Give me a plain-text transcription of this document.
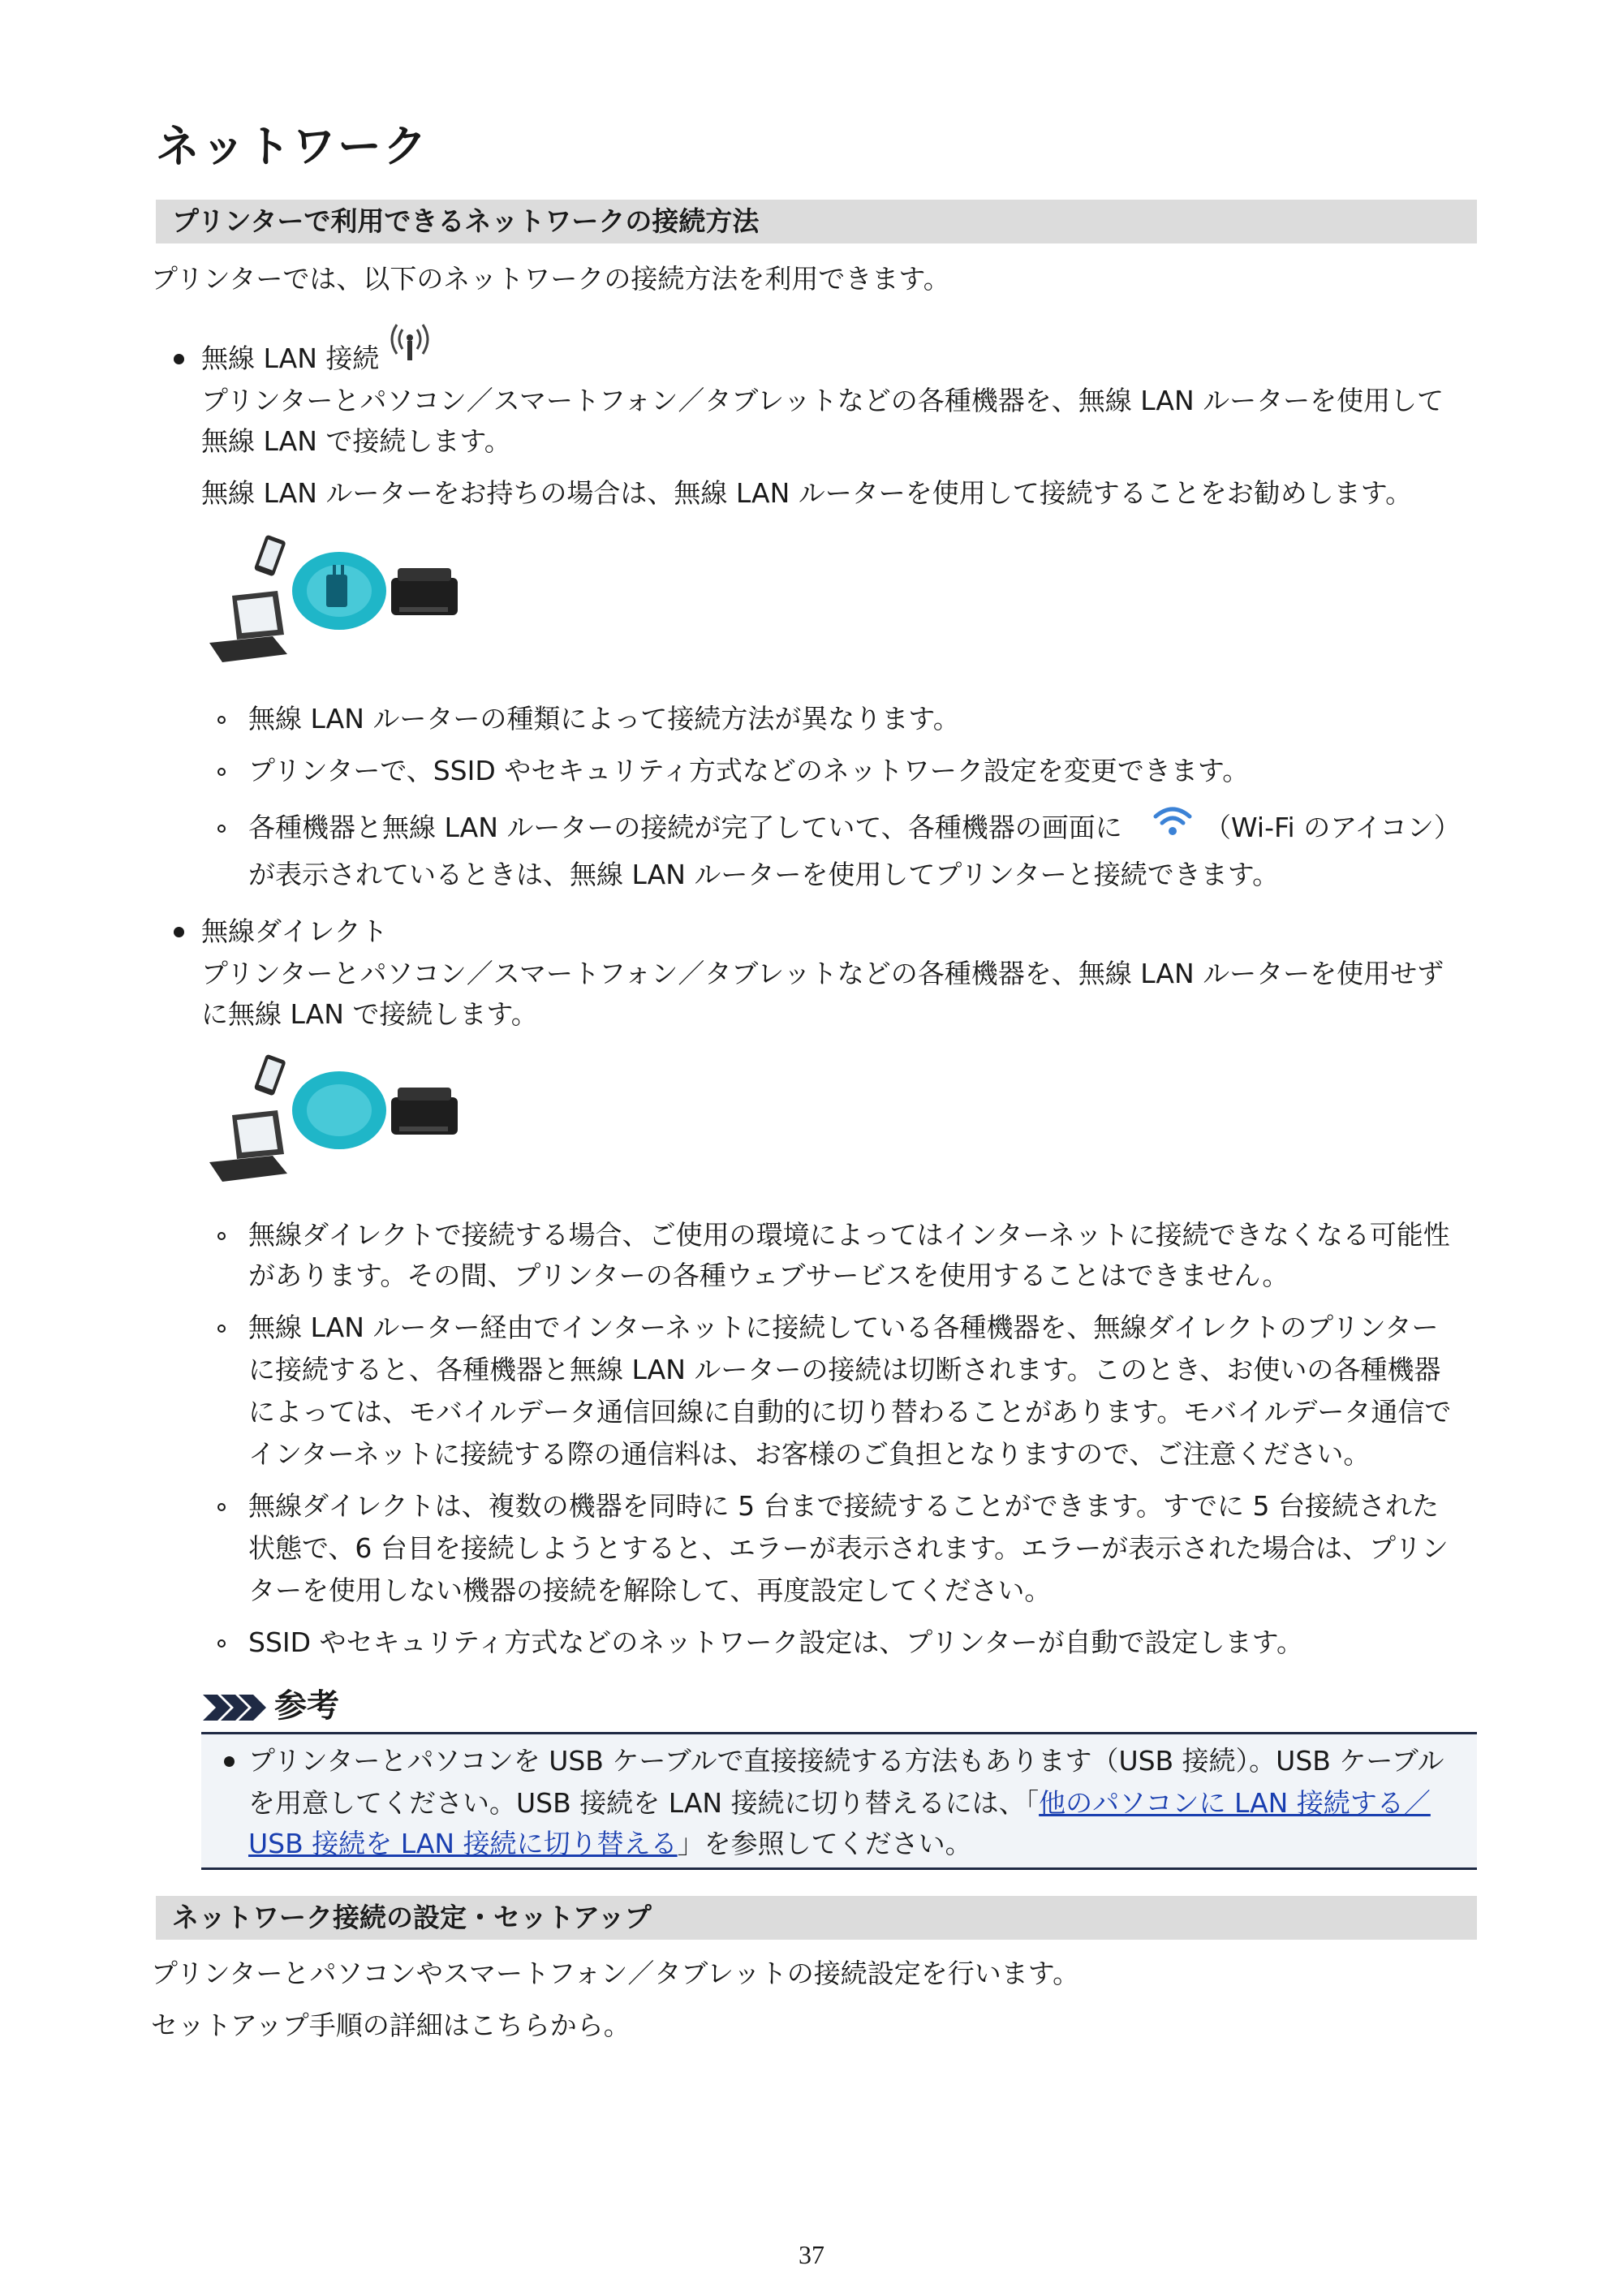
ネットワーク
プリンターで利用できるネットワークの接続方法

プリンターでは、以下のネットワークの接続方法を利用できます。

無線 LAN 接続

プリンターとパソコン／スマートフォン／タブレットなどの各種機器を、無線 LAN ルーターを使用して

無線 LAN で接続します。

無線 LAN ルーターをお持ちの場合は、無線 LAN ルーターを使用して接続することをお勧めします。

無線 LAN ルーターの種類によって接続方法が異なります。

プリンターで、SSID やセキュリティ方式などのネットワーク設定を変更できます。

各種機器と無線 LAN ルーターの接続が完了していて、各種機器の画面に	（Wi-Fi のアイコン）

が表示されているときは、無線 LAN ルーターを使用してプリンターと接続できます。

無線ダイレクト

プリンターとパソコン／スマートフォン／タブレットなどの各種機器を、無線 LAN ルーターを使用せず

に無線 LAN で接続します。

無線ダイレクトで接続する場合、ご使用の環境によってはインターネットに接続できなくなる可能性

があります。その間、プリンターの各種ウェブサービスを使用することはできません。

無線 LAN ルーター経由でインターネットに接続している各種機器を、無線ダイレクトのプリンター

に接続すると、各種機器と無線 LAN ルーターの接続は切断されます。このとき、お使いの各種機器

によっては、モバイルデータ通信回線に自動的に切り替わることがあります。モバイルデータ通信で

インターネットに接続する際の通信料は、お客様のご負担となりますので、ご注意ください。

無線ダイレクトは、複数の機器を同時に 5 台まで接続することができます。すでに 5 台接続された

状態で、6 台目を接続しようとすると、エラーが表示されます。エラーが表示された場合は、プリン

ターを使用しない機器の接続を解除して、再度設定してください。

SSID やセキュリティ方式などのネットワーク設定は、プリンターが自動で設定します。

参考

プリンターとパソコンを USB ケーブルで直接接続する方法もあります（USB 接続）。USB ケーブル

を用意してください。USB 接続を LAN 接続に切り替えるには、「他のパソコンに LAN 接続する／

USB 接続を LAN 接続に切り替える」を参照してください。

ネットワーク接続の設定・セットアップ

プリンターとパソコンやスマートフォン／タブレットの接続設定を行います。

セットアップ手順の詳細はこちらから。

37
